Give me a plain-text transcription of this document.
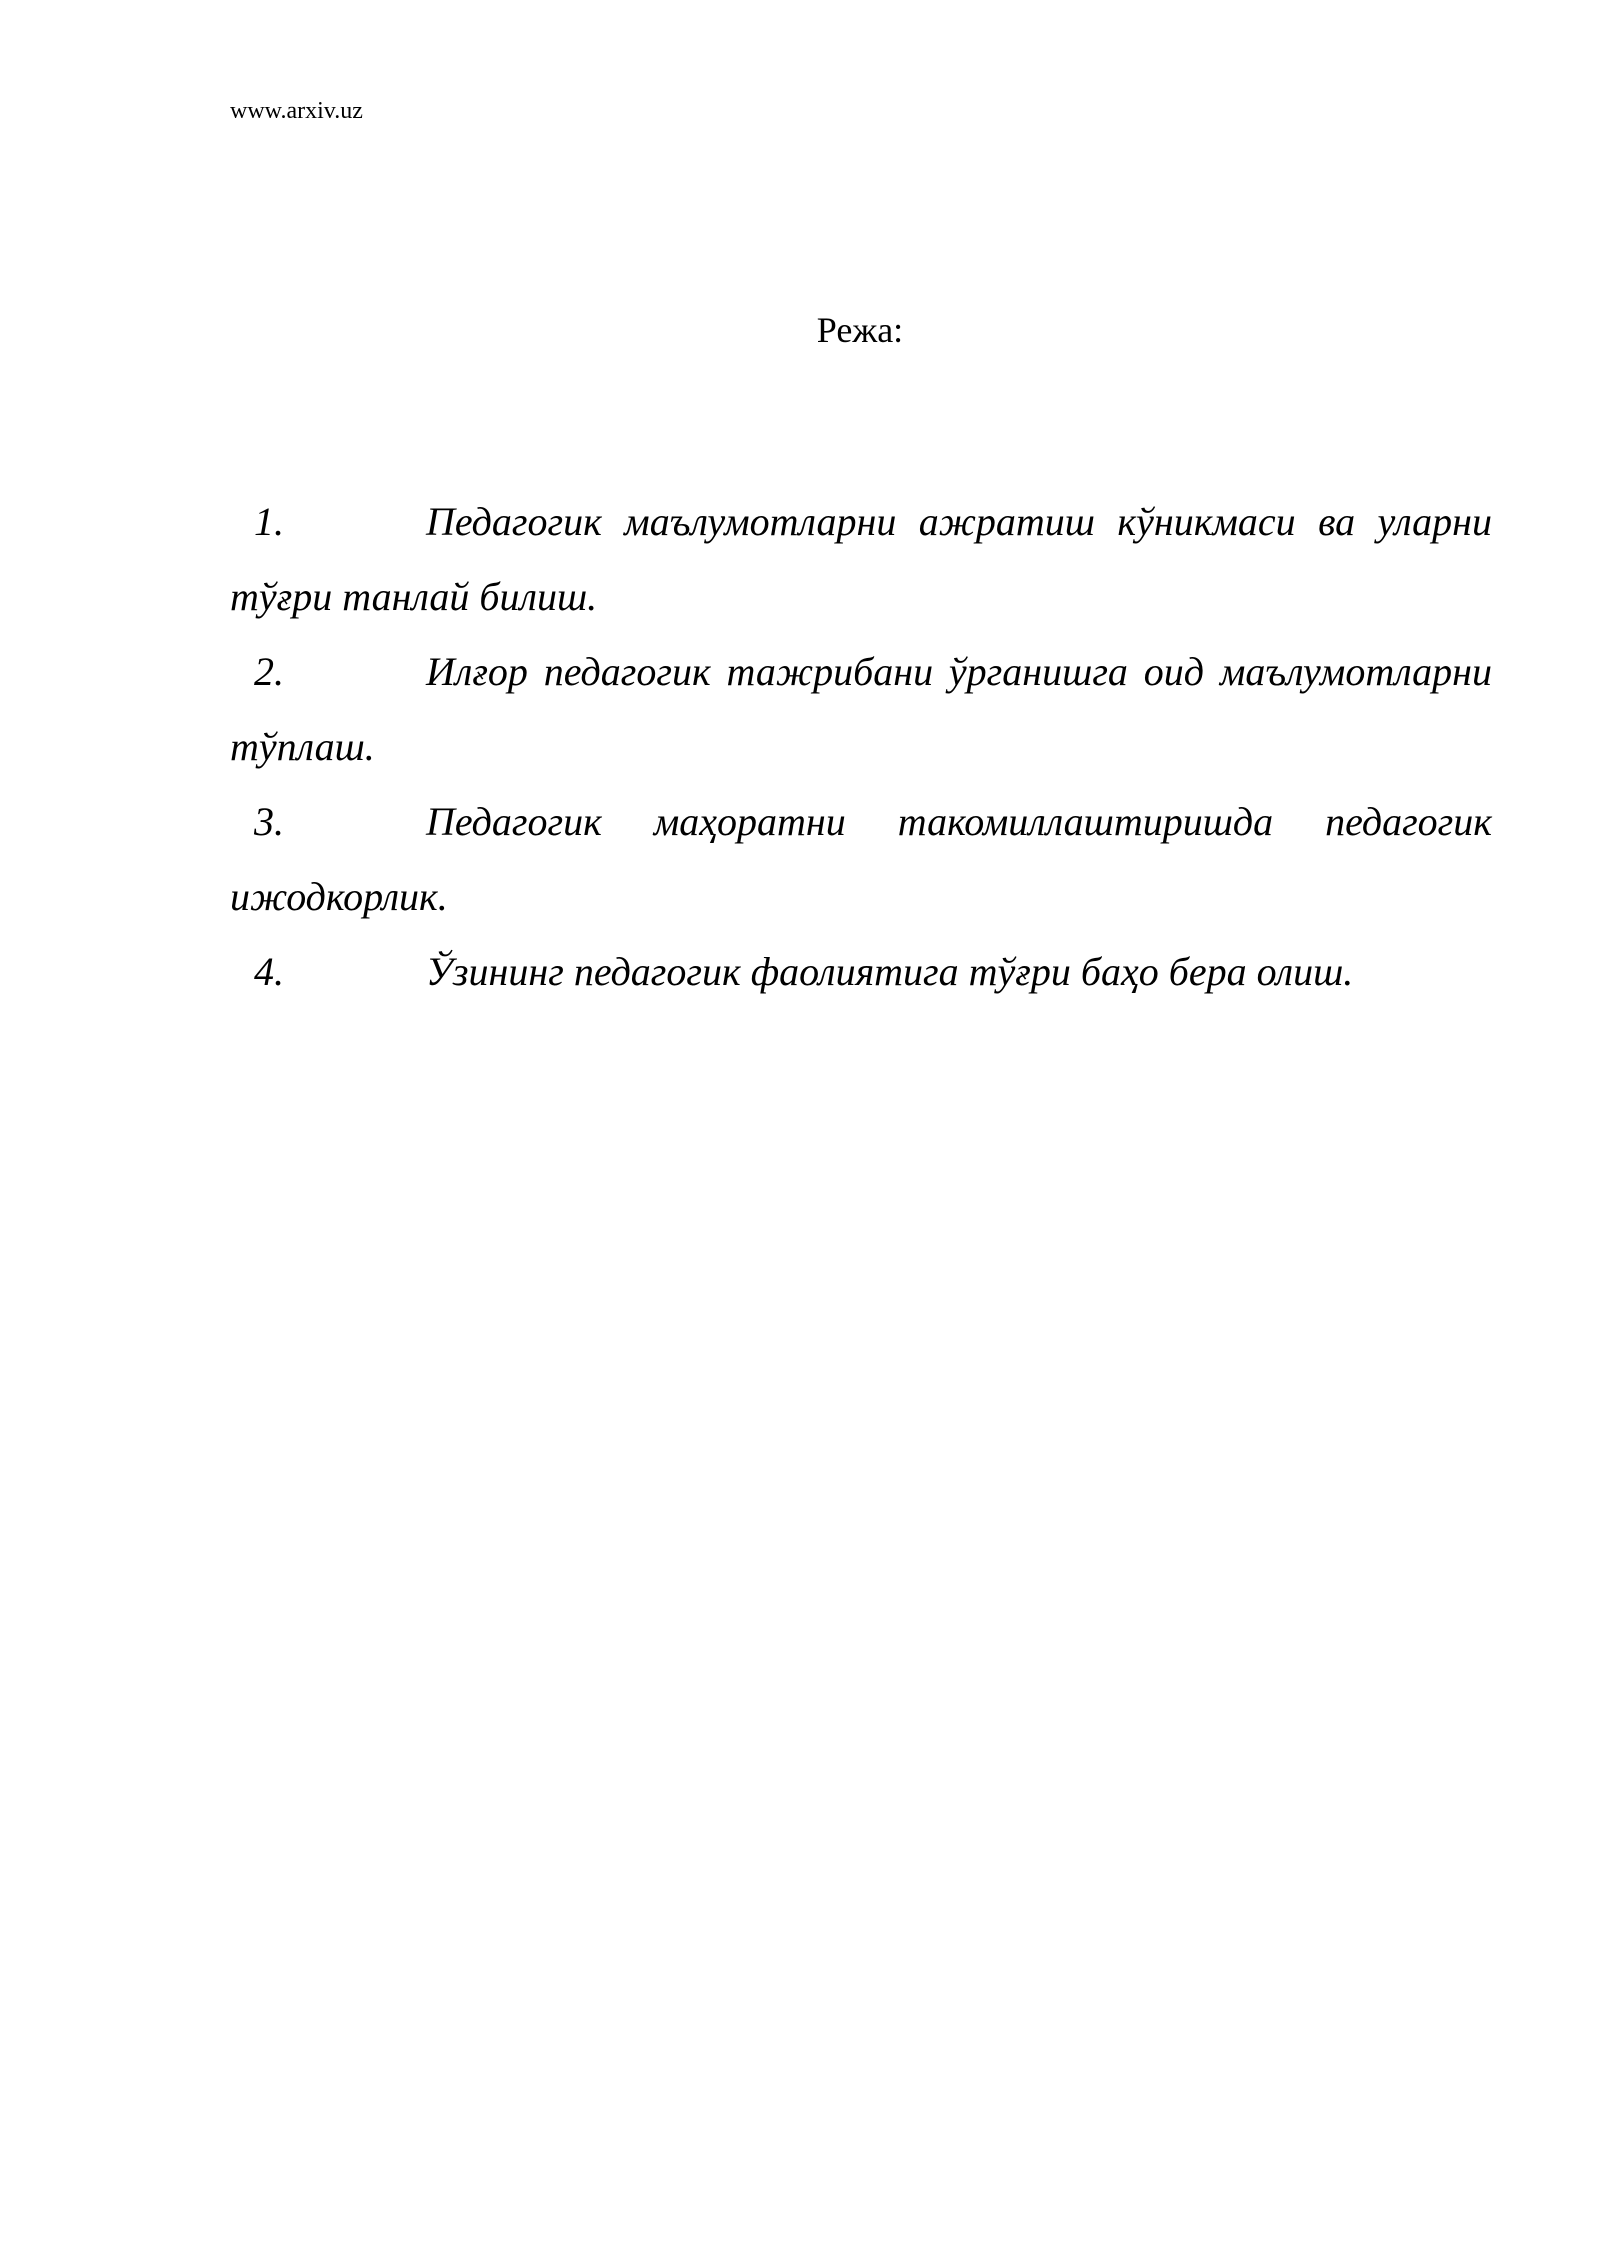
www.arxiv.uz
Режа:
1.	Педагогик маълумотларни ажратиш кўникмаси ва уларни тўғри танлай билиш.
2.	Илғор педагогик тажрибани ўрганишга оид маълумотларни тўплаш.
3.	Педагогик маҳоратни такомиллаштиришда педагогик ижодкорлик.
4.	Ўзининг педагогик фаолиятига тўғри баҳо бера олиш.
